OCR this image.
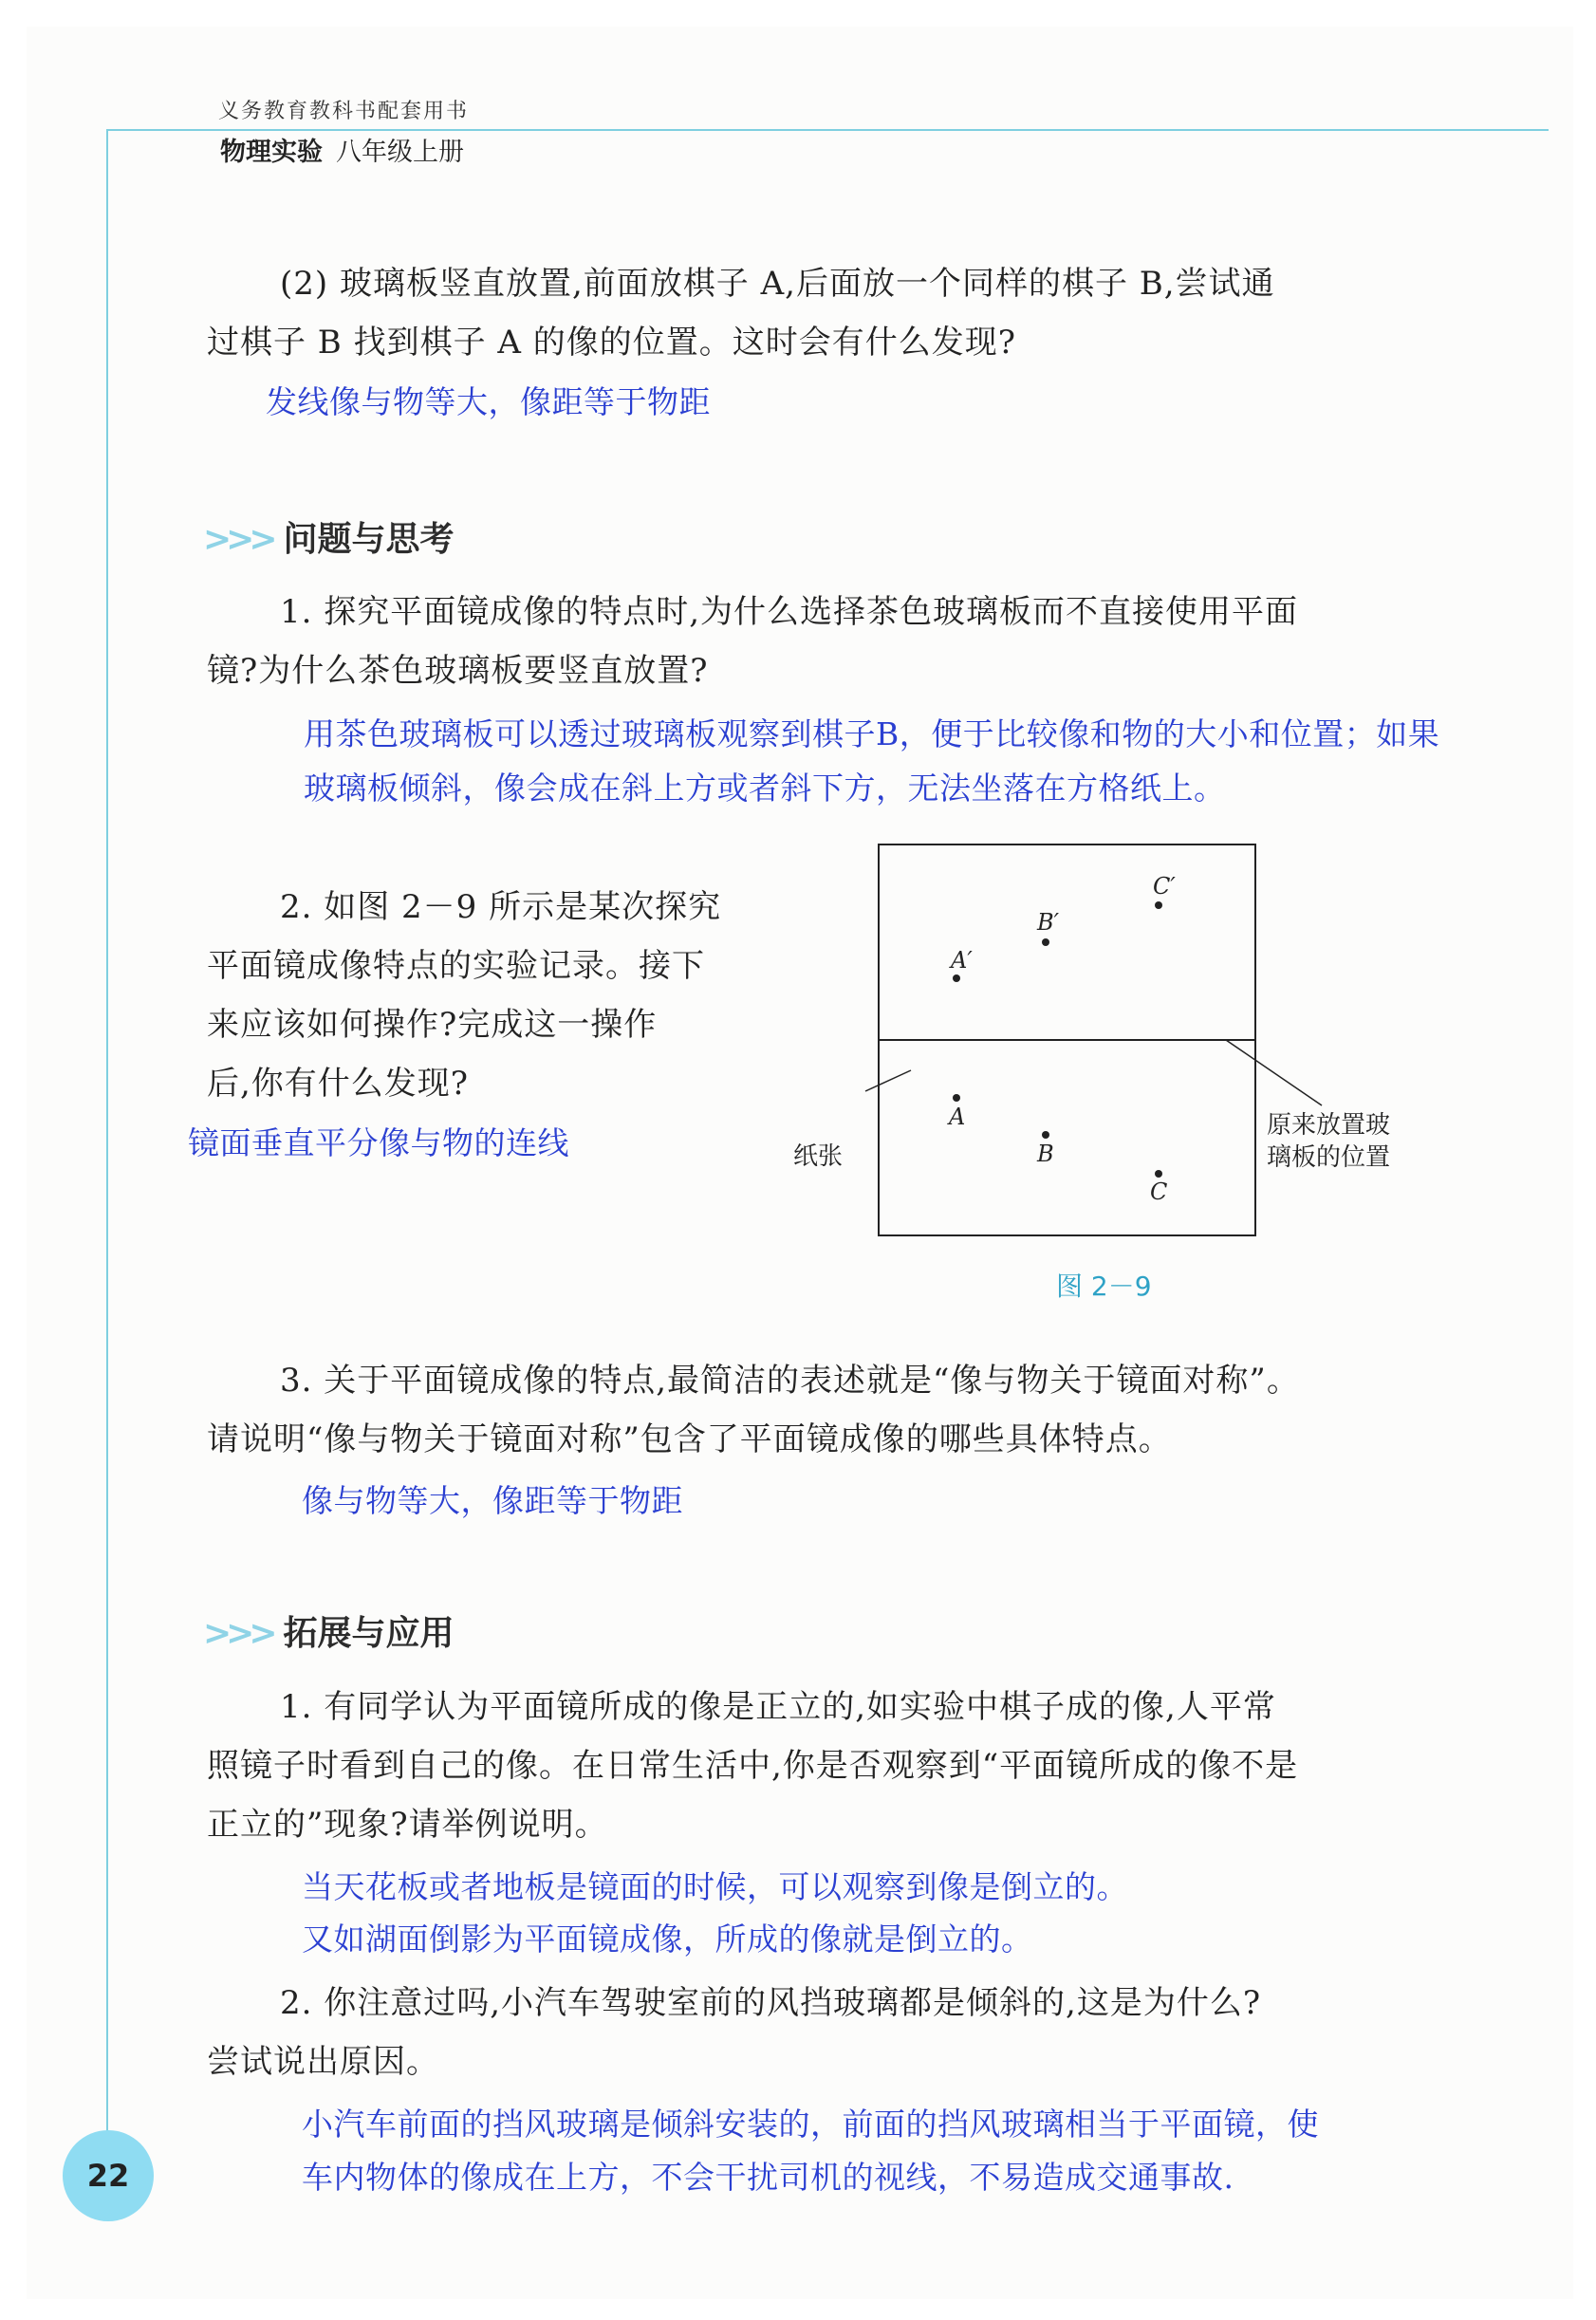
义务教育教科书配套用书
物理实验 八年级上册
(2) 玻璃板竖直放置,前面放棋子 A,后面放一个同样的棋子 B,尝试通
过棋子 B 找到棋子 A 的像的位置。这时会有什么发现?
发线像与物等大，像距等于物距
>>> 问题与思考
1. 探究平面镜成像的特点时,为什么选择茶色玻璃板而不直接使用平面
镜?为什么茶色玻璃板要竖直放置?
用茶色玻璃板可以透过玻璃板观察到棋子B，便于比较像和物的大小和位置；如果
玻璃板倾斜，像会成在斜上方或者斜下方，无法坐落在方格纸上。
2. 如图 2－9 所示是某次探究
平面镜成像特点的实验记录。接下
来应该如何操作?完成这一操作
后,你有什么发现?
镜面垂直平分像与物的连线
A′
B′
C′
A
B
C
纸张
原来放置玻
璃板的位置
图 2－9
3. 关于平面镜成像的特点,最简洁的表述就是“像与物关于镜面对称”。
请说明“像与物关于镜面对称”包含了平面镜成像的哪些具体特点。
像与物等大，像距等于物距
>>> 拓展与应用
1. 有同学认为平面镜所成的像是正立的,如实验中棋子成的像,人平常
照镜子时看到自己的像。在日常生活中,你是否观察到“平面镜所成的像不是
正立的”现象?请举例说明。
当天花板或者地板是镜面的时候，可以观察到像是倒立的。
又如湖面倒影为平面镜成像，所成的像就是倒立的。
2. 你注意过吗,小汽车驾驶室前的风挡玻璃都是倾斜的,这是为什么?
尝试说出原因。
小汽车前面的挡风玻璃是倾斜安装的，前面的挡风玻璃相当于平面镜，使
车内物体的像成在上方，不会干扰司机的视线，不易造成交通事故.
22
